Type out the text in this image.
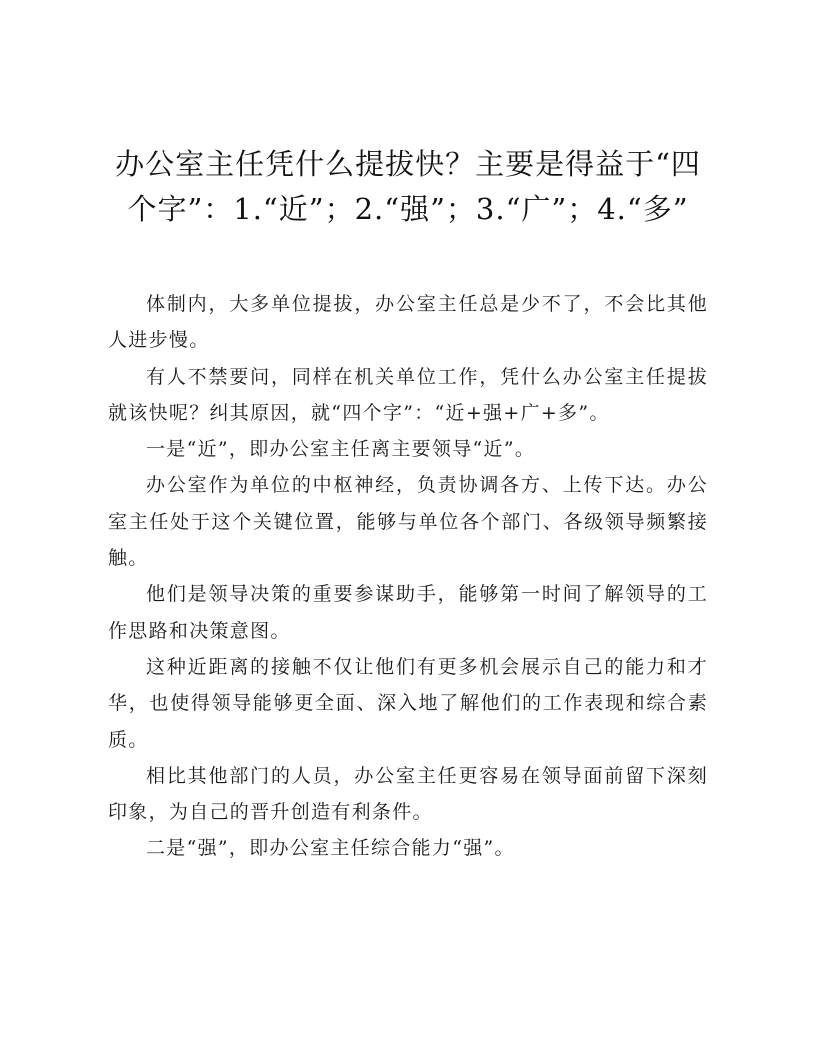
办公室主任凭什么提拔快？主要是得益于“四个字”：1.“近”；2.“强”；3.“广”；4.“多”

体制内，大多单位提拔，办公室主任总是少不了，不会比其他人进步慢。

有人不禁要问，同样在机关单位工作，凭什么办公室主任提拔就该快呢？纠其原因，就“四个字”：“近+强+广+多”。

一是“近”，即办公室主任离主要领导“近”。

办公室作为单位的中枢神经，负责协调各方、上传下达。办公室主任处于这个关键位置，能够与单位各个部门、各级领导频繁接触。

他们是领导决策的重要参谋助手，能够第一时间了解领导的工作思路和决策意图。

这种近距离的接触不仅让他们有更多机会展示自己的能力和才华，也使得领导能够更全面、深入地了解他们的工作表现和综合素质。

相比其他部门的人员，办公室主任更容易在领导面前留下深刻印象，为自己的晋升创造有利条件。

二是“强”，即办公室主任综合能力“强”。
